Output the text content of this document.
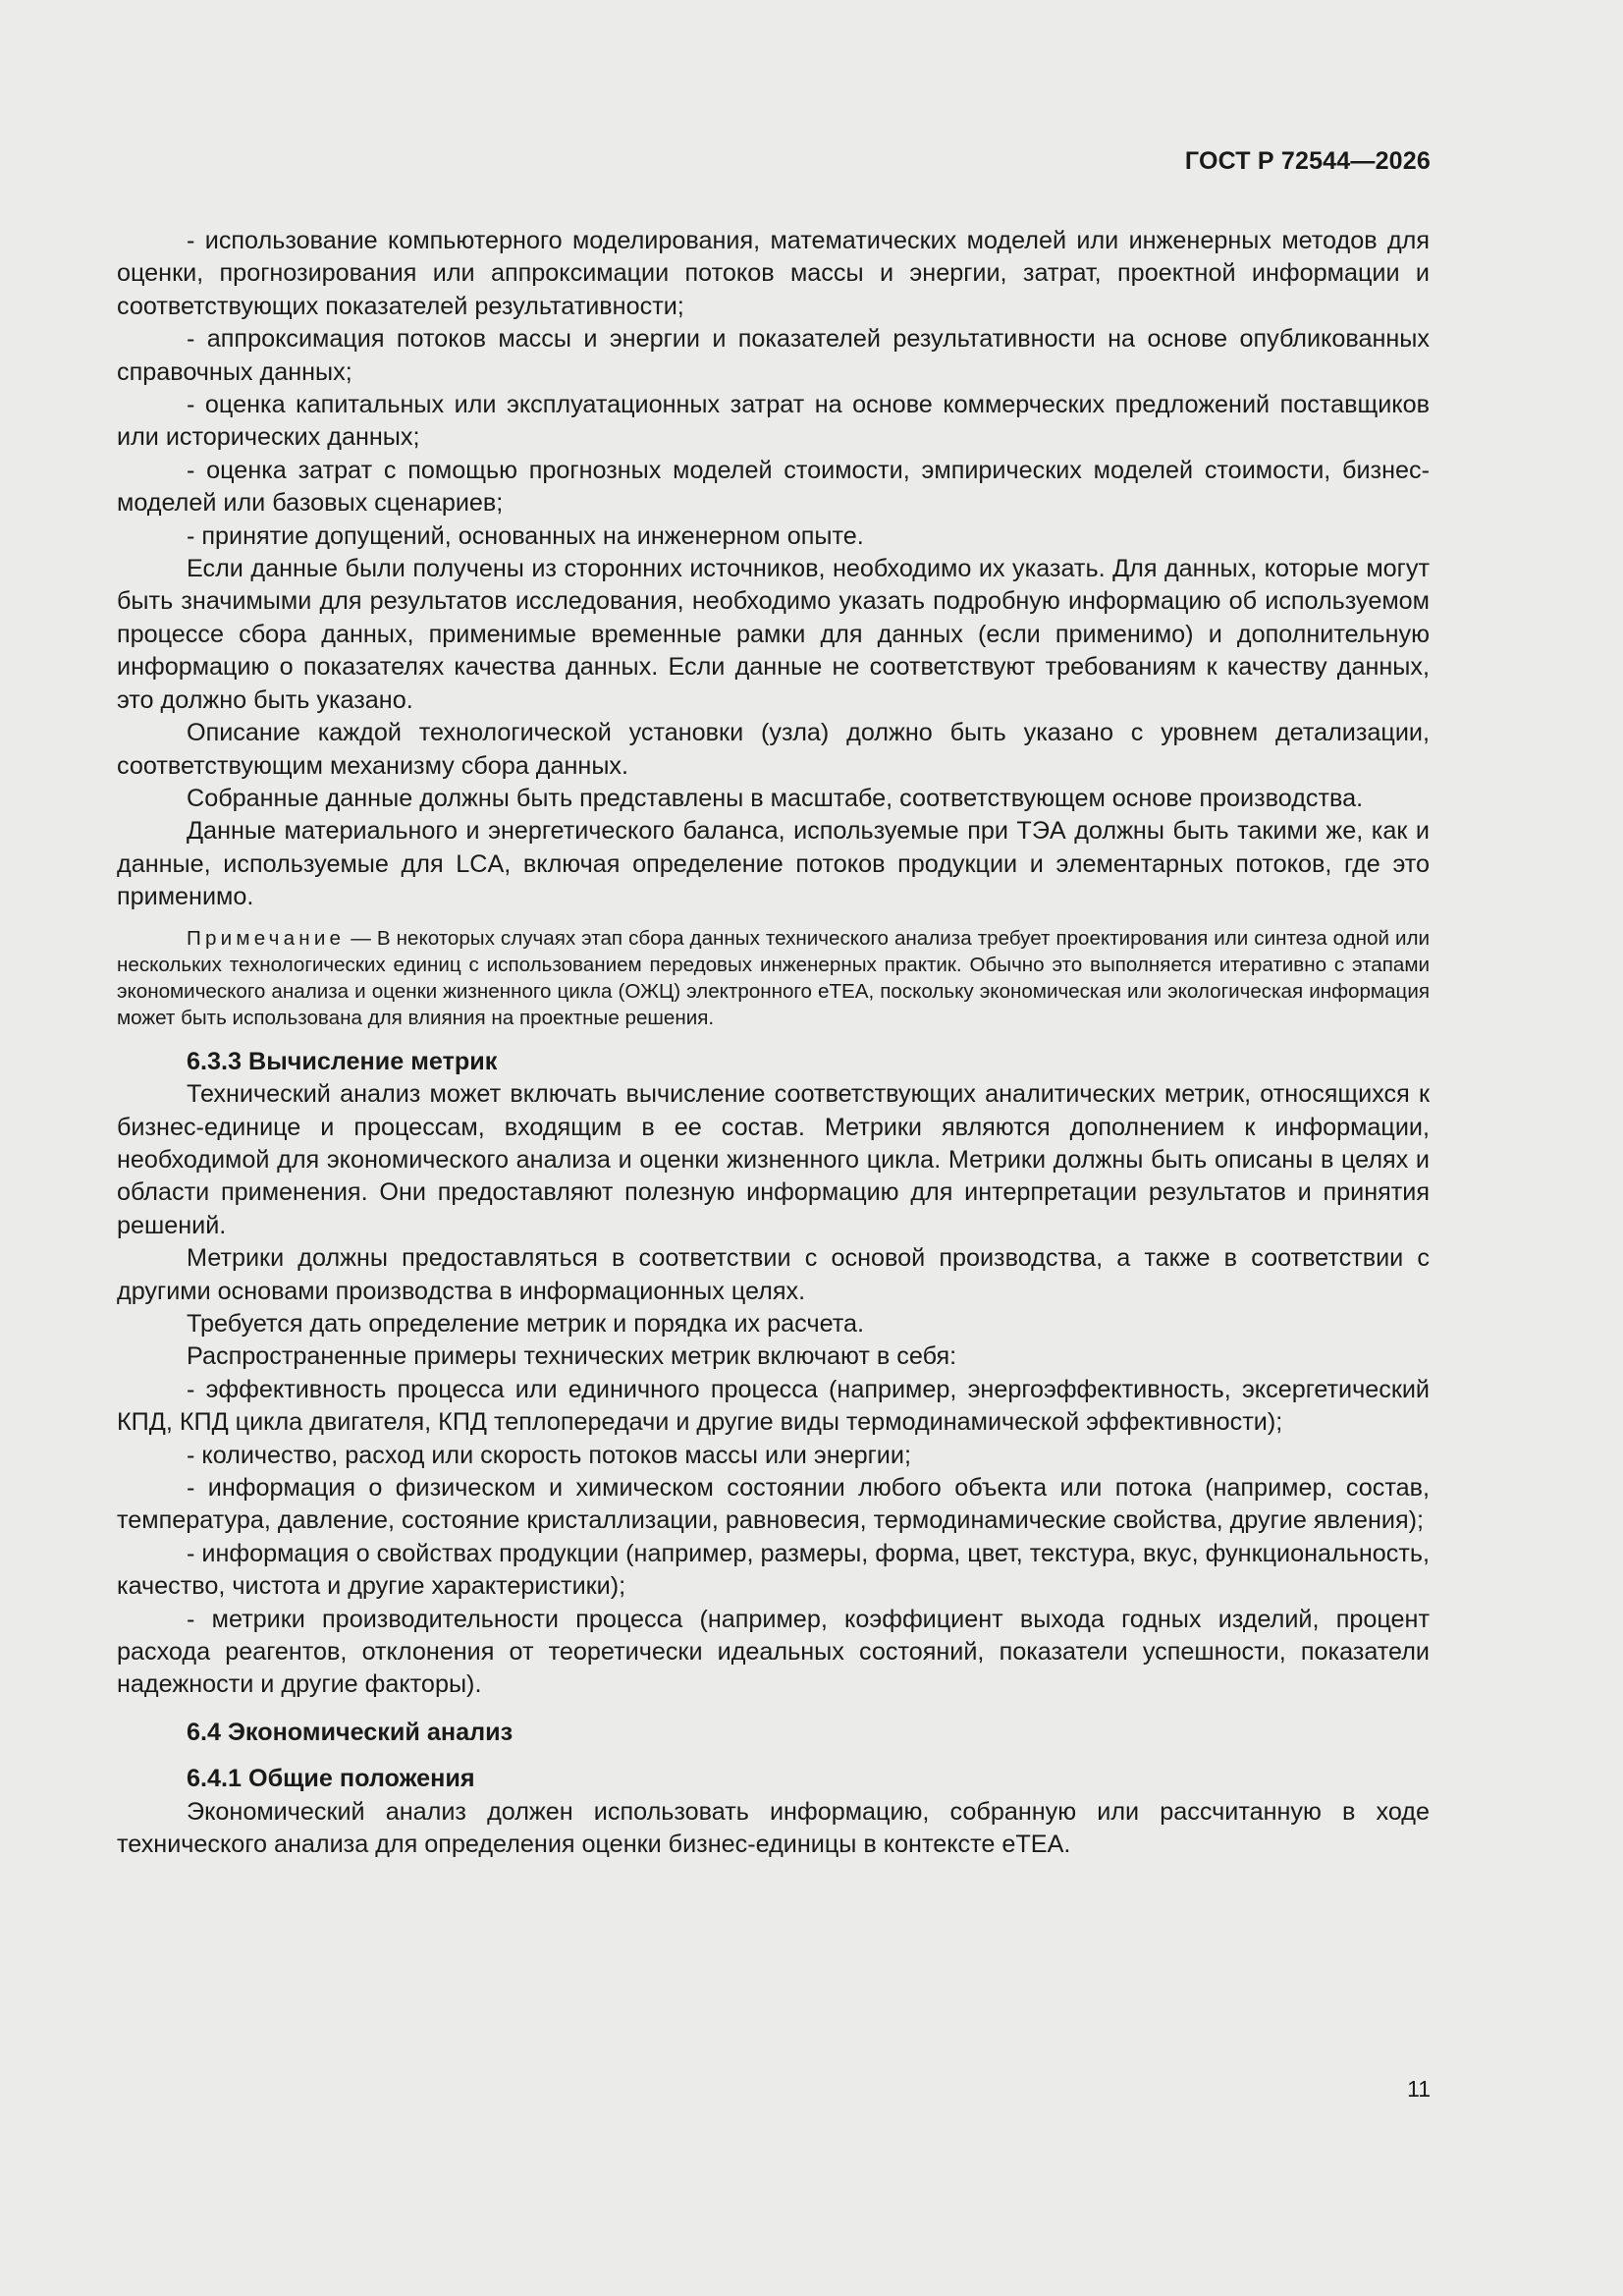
ГОСТ Р 72544—2026

- использование компьютерного моделирования, математических моделей или инженерных методов для оценки, прогнозирования или аппроксимации потоков массы и энергии, затрат, проектной информации и соответствующих показателей результативности;

- аппроксимация потоков массы и энергии и показателей результативности на основе опубликованных справочных данных;

- оценка капитальных или эксплуатационных затрат на основе коммерческих предложений поставщиков или исторических данных;

- оценка затрат с помощью прогнозных моделей стоимости, эмпирических моделей стоимости, бизнес-моделей или базовых сценариев;

- принятие допущений, основанных на инженерном опыте.

Если данные были получены из сторонних источников, необходимо их указать. Для данных, которые могут быть значимыми для результатов исследования, необходимо указать подробную информацию об используемом процессе сбора данных, применимые временные рамки для данных (если применимо) и дополнительную информацию о показателях качества данных. Если данные не соответствуют требованиям к качеству данных, это должно быть указано.

Описание каждой технологической установки (узла) должно быть указано с уровнем детализации, соответствующим механизму сбора данных.

Собранные данные должны быть представлены в масштабе, соответствующем основе производства.

Данные материального и энергетического баланса, используемые при ТЭА должны быть такими же, как и данные, используемые для LCA, включая определение потоков продукции и элементарных потоков, где это применимо.

Примечание — В некоторых случаях этап сбора данных технического анализа требует проектирования или синтеза одной или нескольких технологических единиц с использованием передовых инженерных практик. Обычно это выполняется итеративно с этапами экономического анализа и оценки жизненного цикла (ОЖЦ) электронного eTEA, поскольку экономическая или экологическая информация может быть использована для влияния на проектные решения.

6.3.3 Вычисление метрик

Технический анализ может включать вычисление соответствующих аналитических метрик, относящихся к бизнес-единице и процессам, входящим в ее состав. Метрики являются дополнением к информации, необходимой для экономического анализа и оценки жизненного цикла. Метрики должны быть описаны в целях и области применения. Они предоставляют полезную информацию для интерпретации результатов и принятия решений.

Метрики должны предоставляться в соответствии с основой производства, а также в соответствии с другими основами производства в информационных целях.

Требуется дать определение метрик и порядка их расчета.

Распространенные примеры технических метрик включают в себя:

- эффективность процесса или единичного процесса (например, энергоэффективность, эксергетический КПД, КПД цикла двигателя, КПД теплопередачи и другие виды термодинамической эффективности);

- количество, расход или скорость потоков массы или энергии;

- информация о физическом и химическом состоянии любого объекта или потока (например, состав, температура, давление, состояние кристаллизации, равновесия, термодинамические свойства, другие явления);

- информация о свойствах продукции (например, размеры, форма, цвет, текстура, вкус, функциональность, качество, чистота и другие характеристики);

- метрики производительности процесса (например, коэффициент выхода годных изделий, процент расхода реагентов, отклонения от теоретически идеальных состояний, показатели успешности, показатели надежности и другие факторы).

6.4 Экономический анализ

6.4.1 Общие положения

Экономический анализ должен использовать информацию, собранную или рассчитанную в ходе технического анализа для определения оценки бизнес-единицы в контексте eTEA.

11
